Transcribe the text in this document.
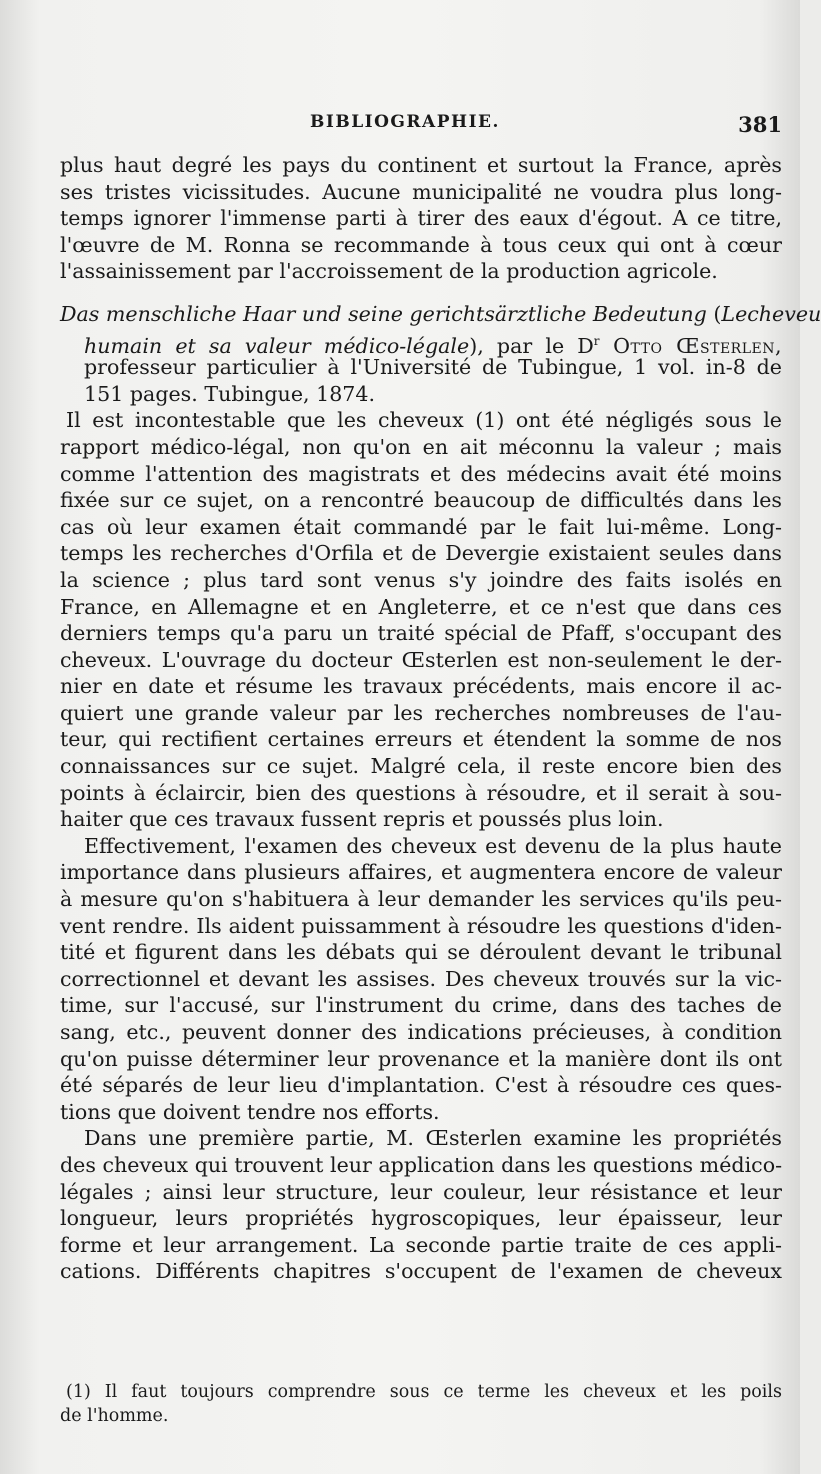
BIBLIOGRAPHIE.	381
plus haut degré les pays du continent et surtout la France, après
ses tristes vicissitudes. Aucune municipalité ne voudra plus long-
temps ignorer l'immense parti à tirer des eaux d'égout. A ce titre,
l'œuvre de M. Ronna se recommande à tous ceux qui ont à cœur
l'assainissement par l'accroissement de la production agricole.
Das menschliche Haar und seine gerichtsärztliche Bedeutung (Lecheveu
humain et sa valeur médico-légale), par le $D^r$ Otto Œsterlen,
professeur particulier à l'Université de Tubingue, 1 vol. in-8 de
151 pages. Tubingue, 1874.
Il est incontestable que les cheveux (1) ont été négligés sous le
rapport médico-légal, non qu'on en ait méconnu la valeur ; mais
comme l'attention des magistrats et des médecins avait été moins
fixée sur ce sujet, on a rencontré beaucoup de difficultés dans les
cas où leur examen était commandé par le fait lui-même. Long-
temps les recherches d'Orfila et de Devergie existaient seules dans
la science ; plus tard sont venus s'y joindre des faits isolés en
France, en Allemagne et en Angleterre, et ce n'est que dans ces
derniers temps qu'a paru un traité spécial de Pfaff, s'occupant des
cheveux. L'ouvrage du docteur Œsterlen est non-seulement le der-
nier en date et résume les travaux précédents, mais encore il ac-
quiert une grande valeur par les recherches nombreuses de l'au-
teur, qui rectifient certaines erreurs et étendent la somme de nos
connaissances sur ce sujet. Malgré cela, il reste encore bien des
points à éclaircir, bien des questions à résoudre, et il serait à sou-
haiter que ces travaux fussent repris et poussés plus loin.
Effectivement, l'examen des cheveux est devenu de la plus haute
importance dans plusieurs affaires, et augmentera encore de valeur
à mesure qu'on s'habituera à leur demander les services qu'ils peu-
vent rendre. Ils aident puissamment à résoudre les questions d'iden-
tité et figurent dans les débats qui se déroulent devant le tribunal
correctionnel et devant les assises. Des cheveux trouvés sur la vic-
time, sur l'accusé, sur l'instrument du crime, dans des taches de
sang, etc., peuvent donner des indications précieuses, à condition
qu'on puisse déterminer leur provenance et la manière dont ils ont
été séparés de leur lieu d'implantation. C'est à résoudre ces ques-
tions que doivent tendre nos efforts.
Dans une première partie, M. Œsterlen examine les propriétés
des cheveux qui trouvent leur application dans les questions médico-
légales ; ainsi leur structure, leur couleur, leur résistance et leur
longueur, leurs propriétés hygroscopiques, leur épaisseur, leur
forme et leur arrangement. La seconde partie traite de ces appli-
cations. Différents chapitres s'occupent de l'examen de cheveux
(1) Il faut toujours comprendre sous ce terme les cheveux et les poils
de l'homme.
